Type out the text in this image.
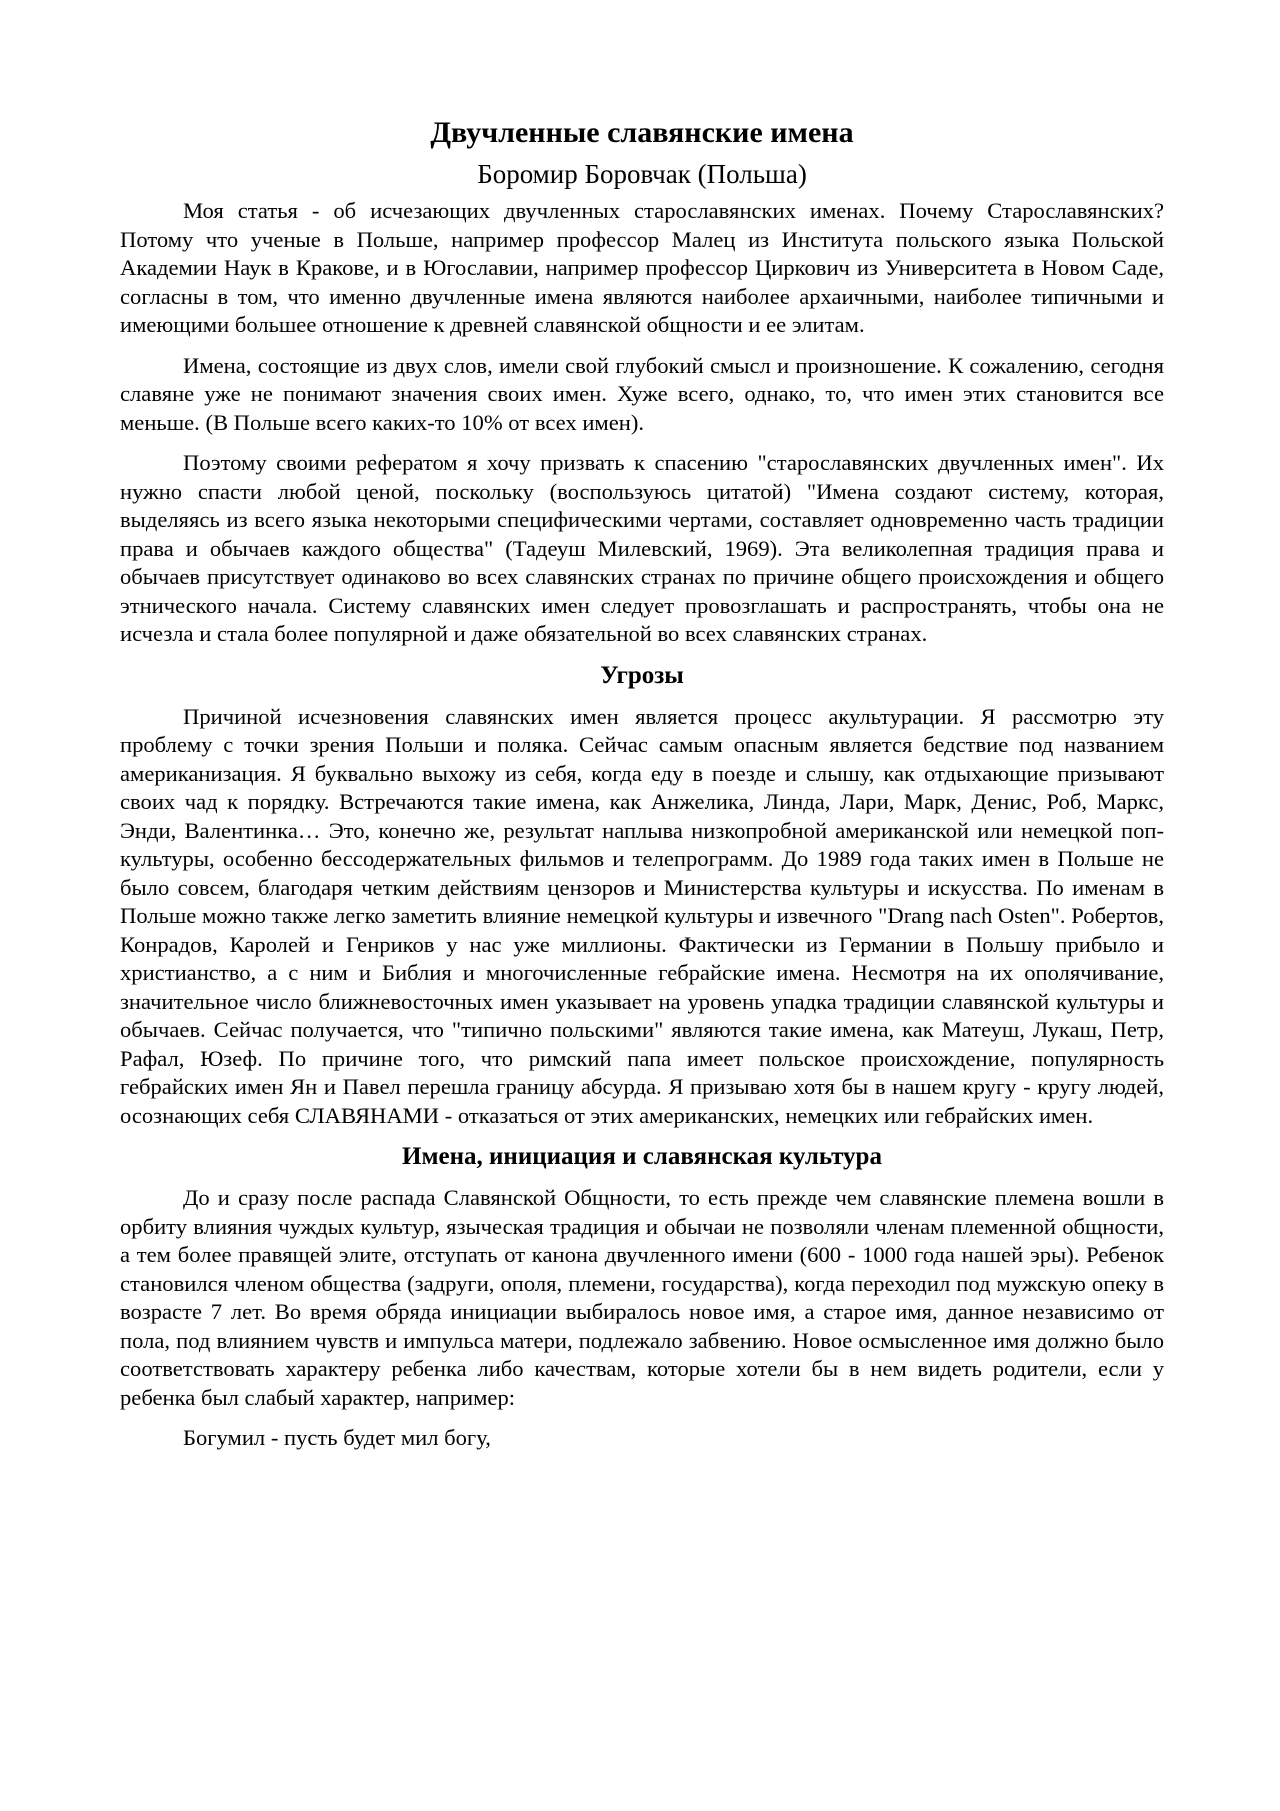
Двучленные славянские имена
Боромир Боровчак (Польша)

Моя статья - об исчезающих двучленных старославянских именах. Почему Старославянских? Потому что ученые в Польше, например профессор Малец из Института польского языка Польской Академии Наук в Кракове, и в Югославии, например профессор Циркович из Университета в Новом Саде, согласны в том, что именно двучленные имена являются наиболее архаичными, наиболее типичными и имеющими большее отношение к древней славянской общности и ее элитам.

Имена, состоящие из двух слов, имели свой глубокий смысл и произношение. К сожалению, сегодня славяне уже не понимают значения своих имен. Хуже всего, однако, то, что имен этих становится все меньше. (В Польше всего каких-то 10% от всех имен).

Поэтому своими рефератом я хочу призвать к спасению "старославянских двучленных имен". Их нужно спасти любой ценой, поскольку (воспользуюсь цитатой) "Имена создают систему, которая, выделяясь из всего языка некоторыми специфическими чертами, составляет одновременно часть традиции права и обычаев каждого общества" (Тадеуш Милевский, 1969). Эта великолепная традиция права и обычаев присутствует одинаково во всех славянских странах по причине общего происхождения и общего этнического начала. Систему славянских имен следует провозглашать и распространять, чтобы она не исчезла и стала более популярной и даже обязательной во всех славянских странах.

Угрозы

Причиной исчезновения славянских имен является процесс акультурации. Я рассмотрю эту проблему с точки зрения Польши и поляка. Сейчас самым опасным является бедствие под названием американизация. Я буквально выхожу из себя, когда еду в поезде и слышу, как отдыхающие призывают своих чад к порядку. Встречаются такие имена, как Анжелика, Линда, Лари, Марк, Денис, Роб, Маркс, Энди, Валентинка… Это, конечно же, результат наплыва низкопробной американской или немецкой поп-культуры, особенно бессодержательных фильмов и телепрограмм. До 1989 года таких имен в Польше не было совсем, благодаря четким действиям цензоров и Министерства культуры и искусства. По именам в Польше можно также легко заметить влияние немецкой культуры и извечного "Drang nach Osten". Робертов, Конрадов, Каролей и Генриков у нас уже миллионы. Фактически из Германии в Польшу прибыло и христианство, а с ним и Библия и многочисленные гебрайские имена. Несмотря на их ополячивание, значительное число ближневосточных имен указывает на уровень упадка традиции славянской культуры и обычаев. Сейчас получается, что "типично польскими" являются такие имена, как Матеуш, Лукаш, Петр, Рафал, Юзеф. По причине того, что римский папа имеет польское происхождение, популярность гебрайских имен Ян и Павел перешла границу абсурда. Я призываю хотя бы в нашем кругу - кругу людей, осознающих себя СЛАВЯНАМИ - отказаться от этих американских, немецких или гебрайских имен.

Имена, инициация и славянская культура

До и сразу после распада Славянской Общности, то есть прежде чем славянские племена вошли в орбиту влияния чуждых культур, языческая традиция и обычаи не позволяли членам племенной общности, а тем более правящей элите, отступать от канона двучленного имени (600 - 1000 года нашей эры). Ребенок становился членом общества (задруги, ополя, племени, государства), когда переходил под мужскую опеку в возрасте 7 лет. Во время обряда инициации выбиралось новое имя, а старое имя, данное независимо от пола, под влиянием чувств и импульса матери, подлежало забвению. Новое осмысленное имя должно было соответствовать характеру ребенка либо качествам, которые хотели бы в нем видеть родители, если у ребенка был слабый характер, например:

Богумил - пусть будет мил богу,
